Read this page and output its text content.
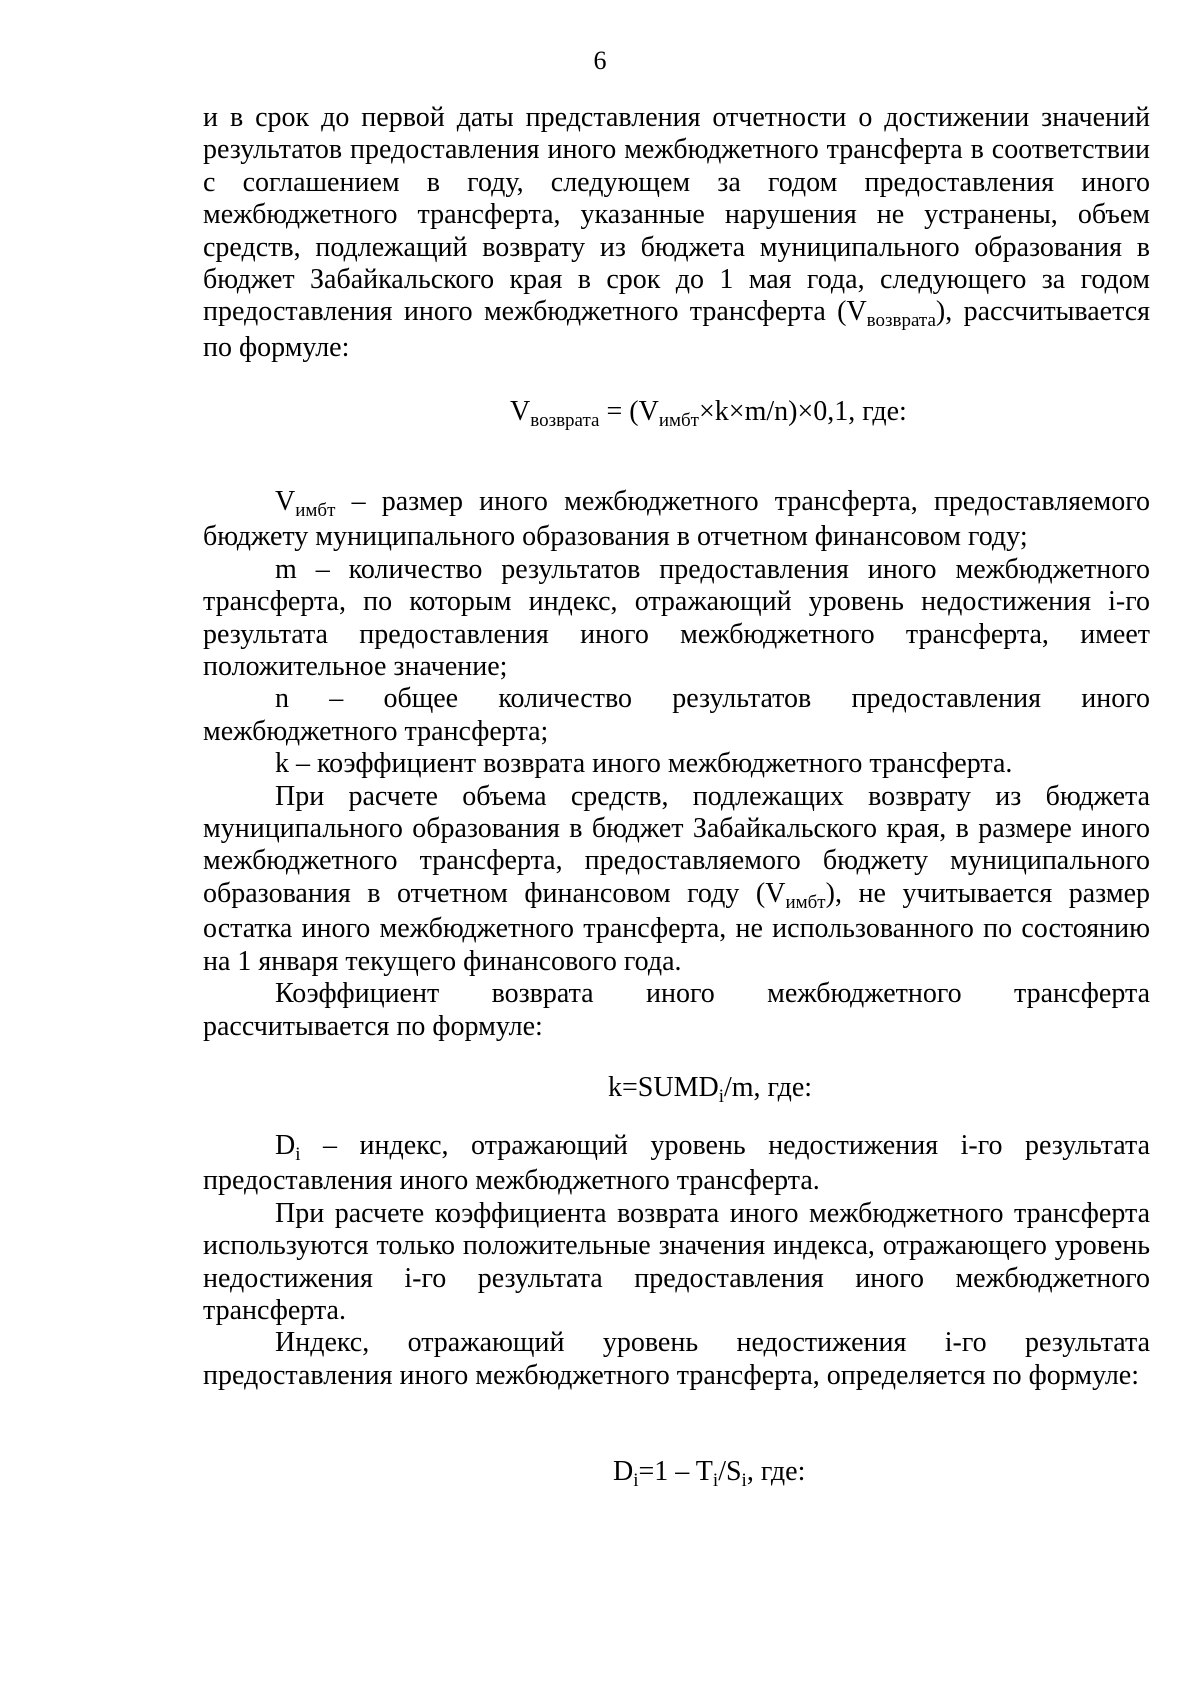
6

и в срок до первой даты представления отчетности о достижении значений результатов предоставления иного межбюджетного трансферта в соответствии с соглашением в году, следующем за годом предоставления иного межбюджетного трансферта, указанные нарушения не устранены, объем средств, подлежащий возврату из бюджета муниципального образования в бюджет Забайкальского края в срок до 1 мая года, следующего за годом предоставления иного межбюджетного трансферта $(V_{возврата})$, рассчитывается по формуле:

$V_{возврата} = (V_{имбт}\times k\times m/n)\times 0,1$, где:

$V_{имбт}$ – размер иного межбюджетного трансферта, предоставляемого бюджету муниципального образования в отчетном финансовом году;

m – количество результатов предоставления иного межбюджетного трансферта, по которым индекс, отражающий уровень недостижения i-го результата предоставления иного межбюджетного трансферта, имеет положительное значение;

n – общее количество результатов предоставления иного межбюджетного трансферта;

k – коэффициент возврата иного межбюджетного трансферта.

При расчете объема средств, подлежащих возврату из бюджета муниципального образования в бюджет Забайкальского края, в размере иного межбюджетного трансферта, предоставляемого бюджету муниципального образования в отчетном финансовом году $(V_{имбт})$, не учитывается размер остатка иного межбюджетного трансферта, не использованного по состоянию на 1 января текущего финансового года.

Коэффициент возврата иного межбюджетного трансферта рассчитывается по формуле:

$k=SUMD_i/m$, где:

$D_i$ – индекс, отражающий уровень недостижения i-го результата предоставления иного межбюджетного трансферта.

При расчете коэффициента возврата иного межбюджетного трансферта используются только положительные значения индекса, отражающего уровень недостижения i-го результата предоставления иного межбюджетного трансферта.

Индекс, отражающий уровень недостижения i-го результата предоставления иного межбюджетного трансферта, определяется по формуле:

$D_i=1 - T_i/S_i$, где:
